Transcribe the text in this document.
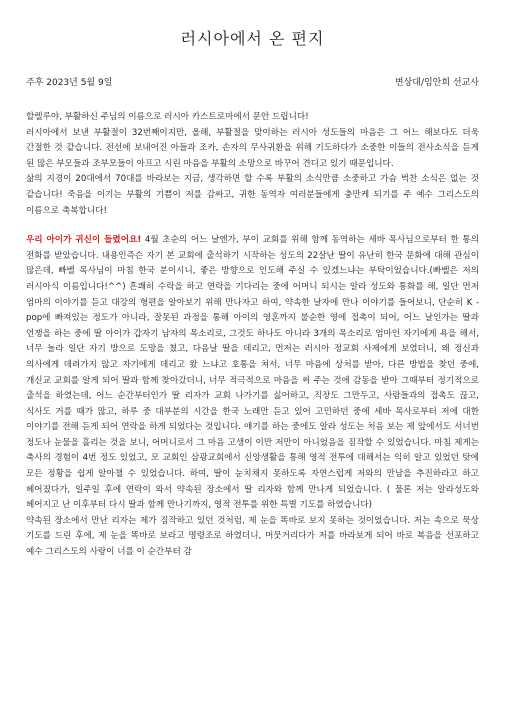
러시아에서 온 편지
주후 2023년 5월 9일	변상대/임안희 선교사

할렐루야, 부활하신 주님의 이름으로 러시아 카스트로마에서 문안 드립니다!

러시아에서 보낸 부활절이 32번째이지만, 올해, 부활절을 맞이하는 러시아 성도들의 마음은 그 어느 해보다도 더욱 간절한 것 같습니다. 전선에 보내어진 아들과 조카, 손자의 무사귀환을 위해 기도하다가 소중한 이들의 전사소식을 듣게 된 많은 부모들과 조부모들이 아프고 시린 마음을 부활의 소망으로 바꾸어 견디고 있기 때문입니다.

삶의 지경이 20대에서 70대를 바라보는 지금, 생각하면 할 수록 부활의 소식만큼 소중하고 가슴 벅찬 소식은 없는 것 같습니다! 죽음을 이기는 부활의 기쁨이 저를 감싸고, 귀한 동역자 여러분들에게 충만케 되기를 주 예수 그리스도의 이름으로 축복합니다!

우리 아이가 귀신이 들렸어요! 4월 초순의 어느 날엔가, 부이 교회를 위해 함께 동역하는 세바 목사님으로부터 한 통의 전화를 받았습니다. 내용인즉슨 자기 본 교회에 출석하기 시작하는 성도의 22살난 딸이 유난히 한국 문화에 대해 관심이 많은데, 빠벨 목사님이 마침 한국 분이시니, 좋은 방향으로 인도해 주실 수 있겠느냐는 부탁이었습니다.(빠벨은 저의 러시아식 이름입니다!^^) 흔쾌히 수락을 하고 연락을 기다리는 중에 어머니 되시는 알라 성도와 통화를 해, 일단 먼저 엄마의 이야기를 듣고 대강의 형편을 알아보기 위해 만나자고 하여, 약속한 날자에 만나 이야기를 들어보니, 단순히 K -pop에 빠져있는 정도가 아니라, 잘못된 과정을 통해 아이의 영혼까지 불순한 영에 접촉이 되어, 어느 날인가는 딸과 언쟁을 하는 중에 딸 아이가 갑자기 남자의 목소리로, 그것도 하나도 아니라 3개의 목소리로 엄마인 자기에게 욕을 해서, 너무 놀라 일단 자기 방으로 도망을 쳤고, 다음날 딸을 데리고, 먼저는 러시아 정교회 사제에게 보였더니, 왜 정신과 의사에게 데려가지 않고 자기에게 데리고 왔 느냐고 호통을 쳐서, 너무 마음에 상처를 받아, 다른 방법을 찾던 중에, 개신교 교회를 알게 되어 딸과 함께 찾아갔더니, 너무 적극적으로 마음을 써 주는 것에 감동을 받아 그때부터 정기적으로 출석을 하였는데, 어느 순간부터인가 딸 리자가 교회 나가기를 싫어하고, 직장도 그만두고, 사람들과의 접촉도 끊고,식사도 거를 때가 많고, 하루 중 대부분의 시간을 한국 노래만 듣고 있어 고민하던 중에 세바 목사로부터 저에 대한 이야기를 전해 듣게 되어 연락을 하게 되었다는 것입니다. 얘기를 하는 중에도 알라 성도는 처음 보는 제 앞에서도 서너번 정도나 눈물을 흘리는 것을 보니, 어머니로서 그 마음 고생이 이만 저만이 아니었음을 짐작할 수 있었습니다. 마침 제게는 축사의 경험이 4번 정도 있었고, 모 교회인 삼광교회에서 신앙생활을 통해 영적 전투에 대해서는 익히 알고 있었던 탓에 모든 정황을 쉽게 알아챌 수 있었습니다. 하여, 딸이 눈치채지 못하도록 자연스럽게 저와의 만남을 추진하라고 하고 헤어졌다가, 일주일 후에 연락이 와서 약속된 장소에서 딸 리자와 함께 만나게 되었습니다. ( 물론 저는 알라성도와 헤어지고 난 이후부터 다시 딸과 함께 만나기까지, 영적 전투를 위한 특별 기도를 하였습니다)

약속된 장소에서 만난 리자는 제가 짐작하고 있던 것처럼, 제 눈을 똑바로 보지 못하는 것이었습니다. 저는 속으로 묵상 기도를 드린 후에, 제 눈을 똑바로 보라고 명령조로 하였더니, 머뭇거리다가 저를 바라보게 되어 바로 복음을 선포하고 예수 그리스도의 사랑이 너를 이 순간부터 감
